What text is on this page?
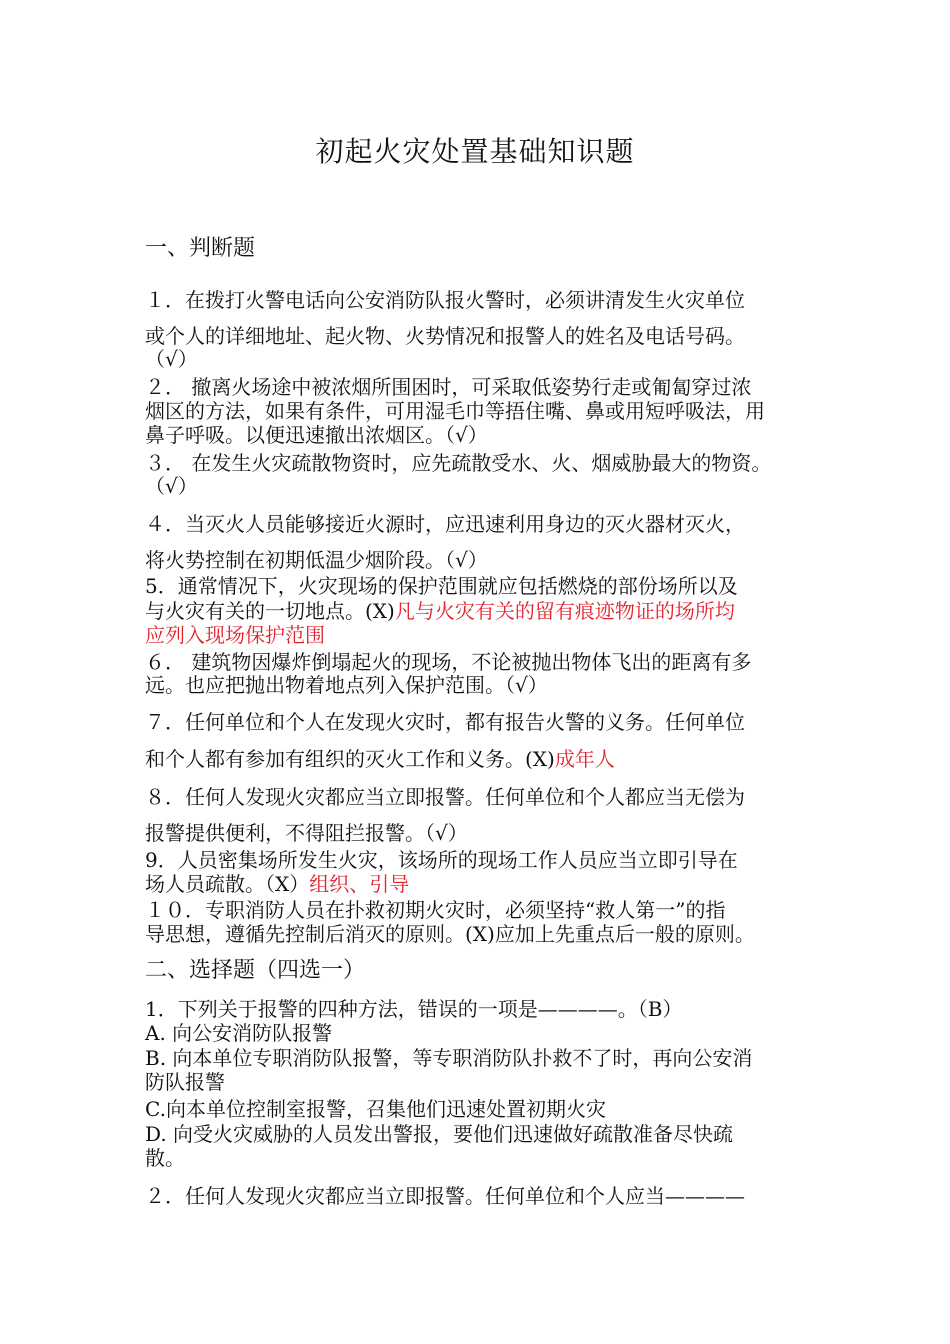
初起火灾处置基础知识题
一、判断题
１．在拨打火警电话向公安消防队报火警时，必须讲清发生火灾单位
或个人的详细地址、起火物、火势情况和报警人的姓名及电话号码。
（√）
２． 撤离火场途中被浓烟所围困时，可采取低姿势行走或匍匐穿过浓
烟区的方法，如果有条件，可用湿毛巾等捂住嘴、鼻或用短呼吸法，用
鼻子呼吸。以便迅速撤出浓烟区。（√）
３． 在发生火灾疏散物资时，应先疏散受水、火、烟威胁最大的物资。
（√）
４．当灭火人员能够接近火源时，应迅速利用身边的灭火器材灭火，
将火势控制在初期低温少烟阶段。（√）
5．通常情况下，火灾现场的保护范围就应包括燃烧的部份场所以及
与火灾有关的一切地点。(X)凡与火灾有关的留有痕迹物证的场所均
应列入现场保护范围
６． 建筑物因爆炸倒塌起火的现场，不论被抛出物体飞出的距离有多
远。也应把抛出物着地点列入保护范围。（√）
７．任何单位和个人在发现火灾时，都有报告火警的义务。任何单位
和个人都有参加有组织的灭火工作和义务。(X)成年人
８．任何人发现火灾都应当立即报警。任何单位和个人都应当无偿为
报警提供便利，不得阻拦报警。（√）
9．人员密集场所发生火灾，该场所的现场工作人员应当立即引导在
场人员疏散。（X）组织、引导
１０．专职消防人员在扑救初期火灾时，必须坚持“救人第一”的指
导思想，遵循先控制后消灭的原则。(X)应加上先重点后一般的原则。
二、选择题（四选一）
1．下列关于报警的四种方法，错误的一项是————。（B）
A. 向公安消防队报警
B. 向本单位专职消防队报警，等专职消防队扑救不了时，再向公安消
防队报警
C.向本单位控制室报警，召集他们迅速处置初期火灾
D. 向受火灾威胁的人员发出警报，要他们迅速做好疏散准备尽快疏
散。
２．任何人发现火灾都应当立即报警。任何单位和个人应当————
